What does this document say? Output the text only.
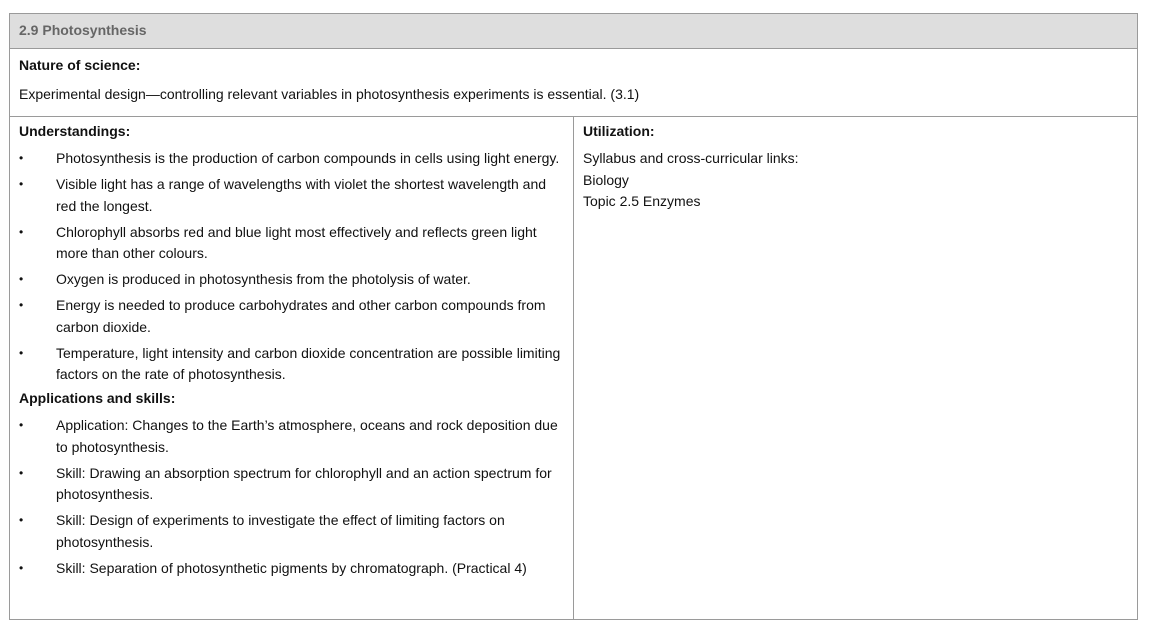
2.9 Photosynthesis
Nature of science:
Experimental design—controlling relevant variables in photosynthesis experiments is essential. (3.1)
Understandings:
• Photosynthesis is the production of carbon compounds in cells using light energy.
• Visible light has a range of wavelengths with violet the shortest wavelength and red the longest.
• Chlorophyll absorbs red and blue light most effectively and reflects green light more than other colours.
• Oxygen is produced in photosynthesis from the photolysis of water.
• Energy is needed to produce carbohydrates and other carbon compounds from carbon dioxide.
• Temperature, light intensity and carbon dioxide concentration are possible limiting factors on the rate of photosynthesis.
Applications and skills:
• Application: Changes to the Earth’s atmosphere, oceans and rock deposition due to photosynthesis.
• Skill: Drawing an absorption spectrum for chlorophyll and an action spectrum for photosynthesis.
• Skill: Design of experiments to investigate the effect of limiting factors on photosynthesis.
• Skill: Separation of photosynthetic pigments by chromatograph. (Practical 4)
Utilization:
Syllabus and cross-curricular links:
Biology
Topic 2.5 Enzymes
